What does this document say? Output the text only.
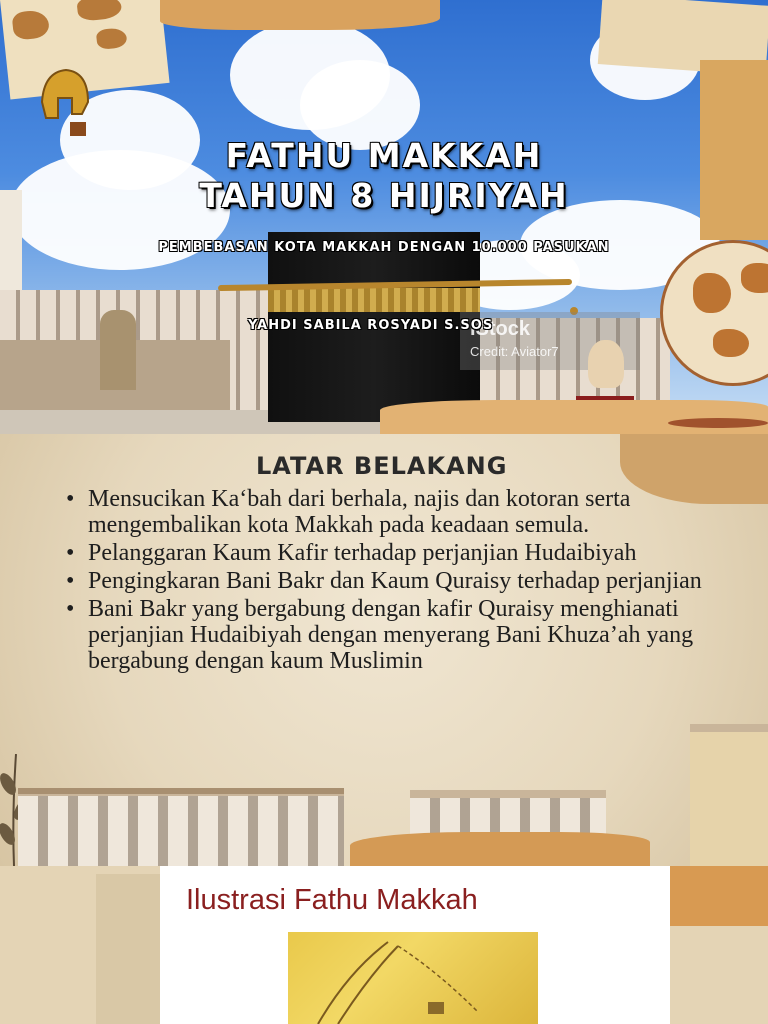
iStock
Credit: Aviator7
FATHU MAKKAH
TAHUN 8 HIJRIYAH
PEMBEBASAN KOTA MAKKAH DENGAN 10.000 PASUKAN
YAHDI SABILA ROSYADI S.SOS
LATAR BELAKANG
• Mensucikan Ka‘bah dari berhala, najis dan kotoran serta mengembalikan kota Makkah pada keadaan semula.
• Pelanggaran Kaum Kafir terhadap perjanjian Hudaibiyah
• Pengingkaran Bani Bakr dan Kaum Quraisy terhadap perjanjian
• Bani Bakr yang bergabung dengan kafir Quraisy menghianati perjanjian Hudaibiyah dengan menyerang Bani Khuza’ah yang bergabung dengan kaum Muslimin
Ilustrasi Fathu Makkah
